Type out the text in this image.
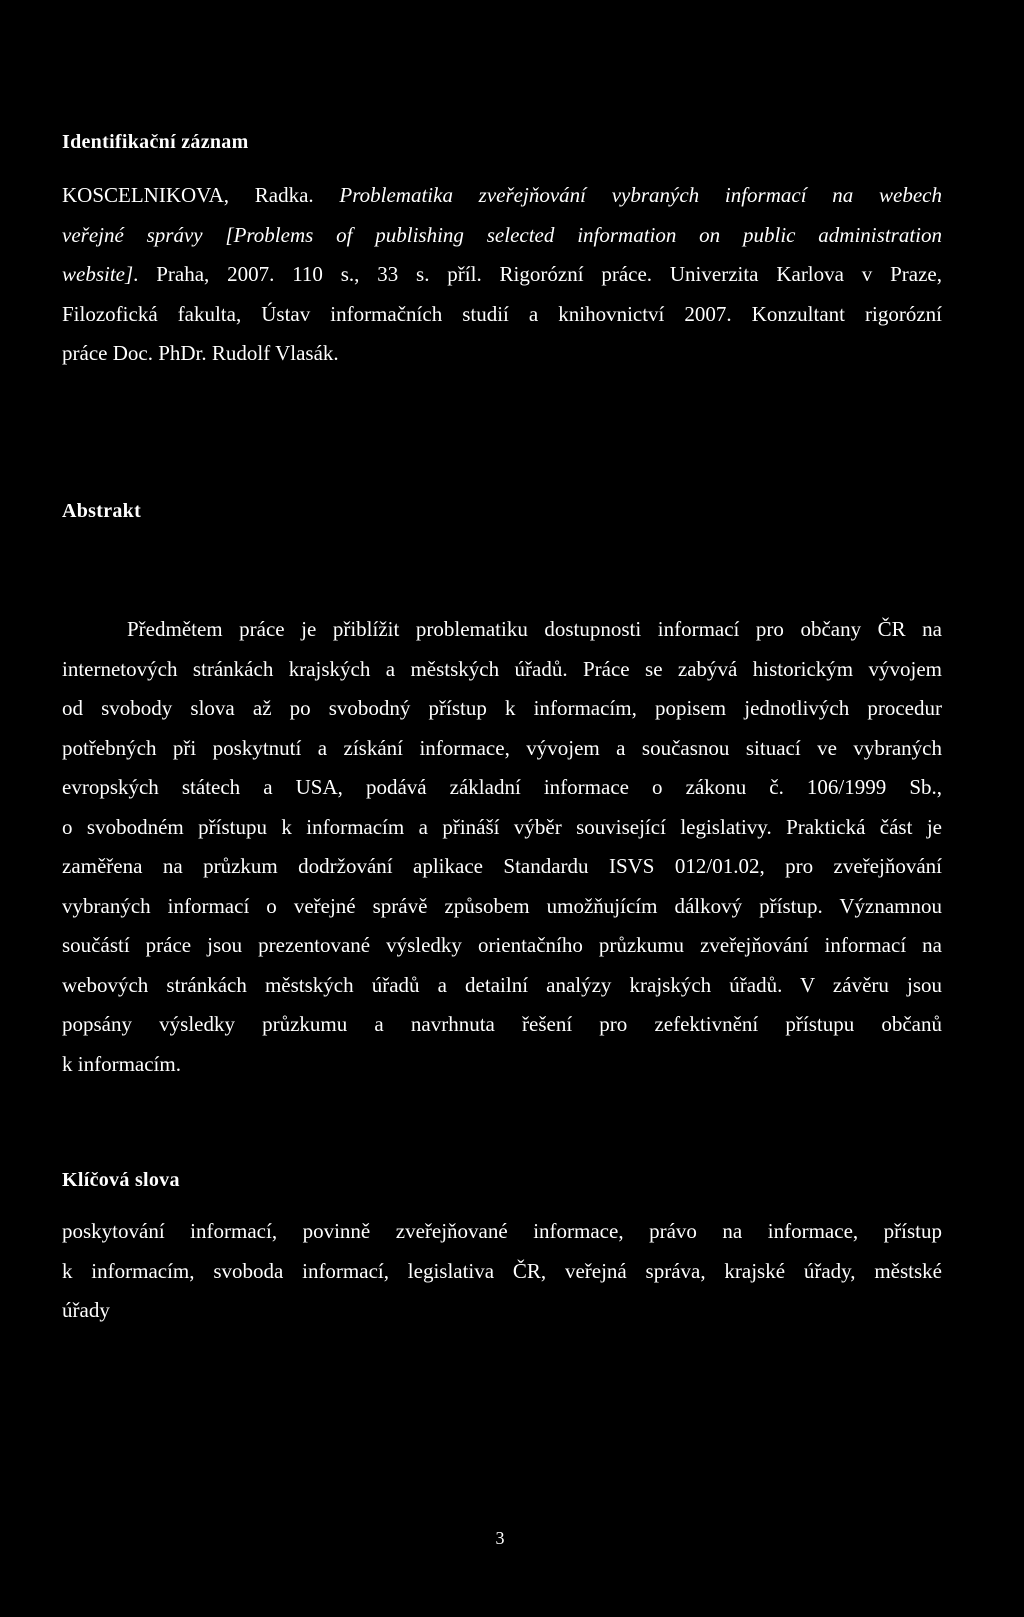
Identifikační záznam
KOSCELNIKOVA, Radka. Problematika zveřejňování vybraných informací na webech
veřejné správy [Problems of publishing selected information on public administration
website]. Praha, 2007. 110 s., 33 s. příl. Rigorózní práce. Univerzita Karlova v Praze,
Filozofická fakulta, Ústav informačních studií a knihovnictví 2007. Konzultant rigorózní
práce Doc. PhDr. Rudolf Vlasák.
Abstrakt
Předmětem práce je přiblížit problematiku dostupnosti informací pro občany ČR na
internetových stránkách krajských a městských úřadů. Práce se zabývá historickým vývojem
od svobody slova až po svobodný přístup k informacím, popisem jednotlivých procedur
potřebných při poskytnutí a získání informace, vývojem a současnou situací ve vybraných
evropských státech a USA, podává základní informace o zákonu č. 106/1999 Sb.,
o svobodném přístupu k informacím a přináší výběr související legislativy. Praktická část je
zaměřena na průzkum dodržování aplikace Standardu ISVS 012/01.02, pro zveřejňování
vybraných informací o veřejné správě způsobem umožňujícím dálkový přístup. Významnou
součástí práce jsou prezentované výsledky orientačního průzkumu zveřejňování informací na
webových stránkách městských úřadů a detailní analýzy krajských úřadů. V závěru jsou
popsány výsledky průzkumu a navrhnuta řešení pro zefektivnění přístupu občanů
k informacím.
Klíčová slova
poskytování informací, povinně zveřejňované informace, právo na informace, přístup
k informacím, svoboda informací, legislativa ČR, veřejná správa, krajské úřady, městské
úřady
3
